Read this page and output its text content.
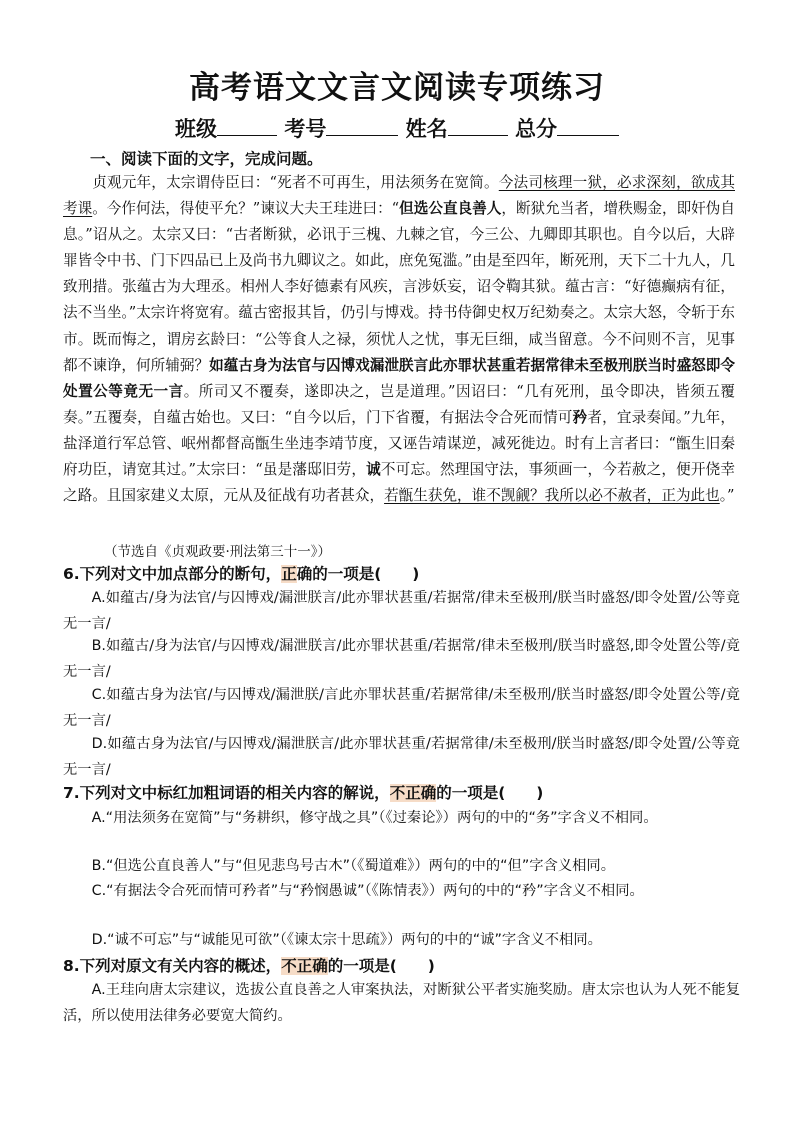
高考语文文言文阅读专项练习
班级	考号	姓名	总分
一、阅读下面的文字，完成问题。

贞观元年，太宗谓侍臣曰：“死者不可再生，用法须务在宽简。今法司核理一狱，必求深刻，欲成其考课。今作何法，得使平允？”谏议大夫王珪进曰：“但选公直良善人，断狱允当者，增秩赐金，即奸伪自息。”诏从之。太宗又曰：“古者断狱，必讯于三槐、九棘之官，今三公、九卿即其职也。自今以后，大辟罪皆令中书、门下四品已上及尚书九卿议之。如此，庶免冤滥。”由是至四年，断死刑，天下二十九人，几致刑措。张蕴古为大理丞。相州人李好德素有风疾，言涉妖妄，诏令鞫其狱。蕴古言：“好德癫病有征，法不当坐。”太宗许将宽宥。蕴古密报其旨，仍引与博戏。持书侍御史权万纪劾奏之。太宗大怒，令斩于东市。既而悔之，谓房玄龄曰：“公等食人之禄，须忧人之忧，事无巨细，咸当留意。今不问则不言，见事都不谏诤，何所辅弼？如蕴古身为法官与囚博戏漏泄朕言此亦罪状甚重若据常律未至极刑朕当时盛怒即令处置公等竟无一言。所司又不覆奏，遂即决之，岂是道理。”因诏曰：“几有死刑，虽令即决，皆须五覆奏。”五覆奏，自蕴古始也。又曰：“自今以后，门下省覆，有据法令合死而情可矜者，宜录奏闻。”九年，盐泽道行军总管、岷州都督高甑生坐违李靖节度，又诬告靖谋逆，减死徙边。时有上言者曰：“甑生旧秦府功臣，请宽其过。”太宗曰：“虽是藩邸旧劳，诚不可忘。然理国守法，事须画一，今若赦之，便开侥幸之路。且国家建义太原，元从及征战有功者甚众，若甑生获免，谁不觊觎？我所以必不赦者，正为此也。”

（节选自《贞观政要·刑法第三十一》）
6.下列对文中加点部分的断句，正确的一项是(　　)
A.如蕴古/身为法官/与囚博戏/漏泄朕言/此亦罪状甚重/若据常/律未至极刑/朕当时盛怒/即令处置/公等竟无一言/
B.如蕴古/身为法官/与囚博戏/漏泄朕言/此亦罪状甚重/若据常/律未至极刑/朕当时盛怒,即令处置公等/竟无一言/
C.如蕴古身为法官/与囚博戏/漏泄朕/言此亦罪状甚重/若据常律/未至极刑/朕当时盛怒/即令处置公等/竟无一言/
D.如蕴古身为法官/与囚博戏/漏泄朕言/此亦罪状甚重/若据常律/未至极刑/朕当时盛怒/即令处置/公等竟无一言/
7.下列对文中标红加粗词语的相关内容的解说，不正确的一项是(　　)
A.“用法须务在宽简”与“务耕织，修守战之具”（《过秦论》）两句的中的“务”字含义不相同。
B.“但选公直良善人”与“但见悲鸟号古木”（《蜀道难》）两句的中的“但”字含义相同。
C.“有据法令合死而情可矜者”与“矜悯愚诚”（《陈情表》）两句的中的“矜”字含义不相同。
D.“诚不可忘”与“诚能见可欲”（《谏太宗十思疏》）两句的中的“诚”字含义不相同。
8.下列对原文有关内容的概述，不正确的一项是(　　)
A.王珪向唐太宗建议，选拔公直良善之人审案执法，对断狱公平者实施奖励。唐太宗也认为人死不能复活，所以使用法律务必要宽大简约。
